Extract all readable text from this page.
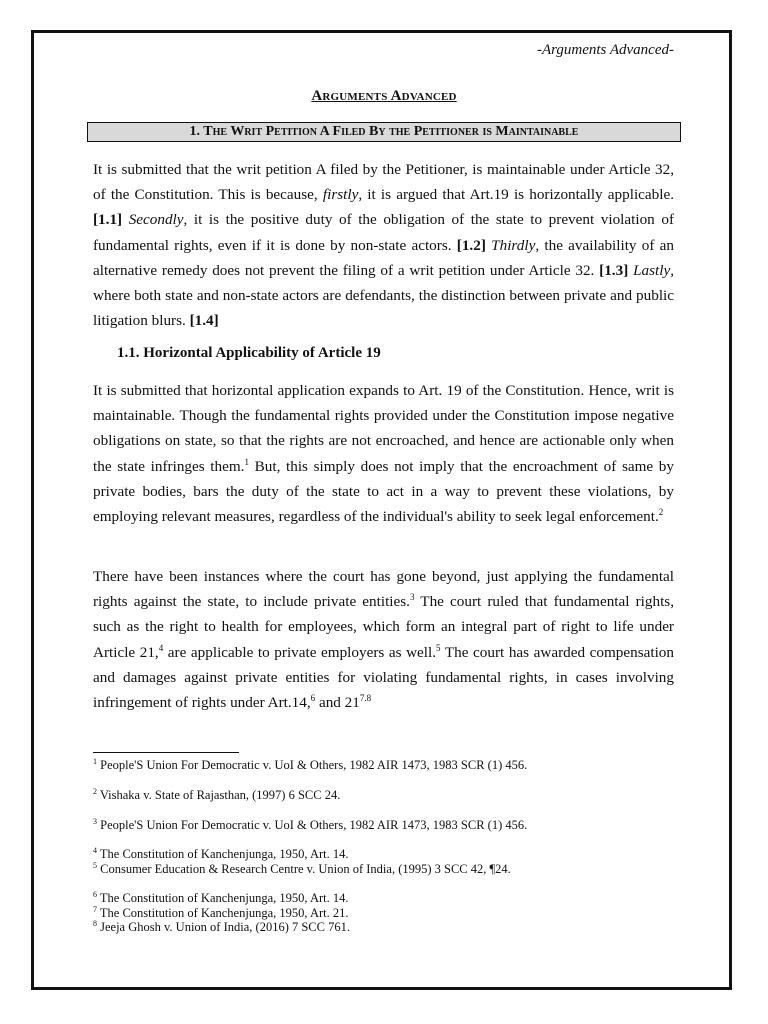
-Arguments Advanced-
Arguments Advanced
1. The Writ Petition A Filed By the Petitioner is Maintainable

It is submitted that the writ petition A filed by the Petitioner, is maintainable under Article 32, of the Constitution. This is because, firstly, it is argued that Art.19 is horizontally applicable. [1.1] Secondly, it is the positive duty of the obligation of the state to prevent violation of fundamental rights, even if it is done by non-state actors. [1.2] Thirdly, the availability of an alternative remedy does not prevent the filing of a writ petition under Article 32. [1.3] Lastly, where both state and non-state actors are defendants, the distinction between private and public litigation blurs. [1.4]

1.1. Horizontal Applicability of Article 19

It is submitted that horizontal application expands to Art. 19 of the Constitution. Hence, writ is maintainable. Though the fundamental rights provided under the Constitution impose negative obligations on state, so that the rights are not encroached, and hence are actionable only when the state infringes them.$^1$ But, this simply does not imply that the encroachment of same by private bodies, bars the duty of the state to act in a way to prevent these violations, by employing relevant measures, regardless of the individual's ability to seek legal enforcement.$^2$

There have been instances where the court has gone beyond, just applying the fundamental rights against the state, to include private entities.$^3$ The court ruled that fundamental rights, such as the right to health for employees, which form an integral part of right to life under Article 21,$^4$ are applicable to private employers as well.$^5$ The court has awarded compensation and damages against private entities for violating fundamental rights, in cases involving infringement of rights under Art.14,$^6$ and $21^{7.8}$

$^1$ People'S Union For Democratic v. UoI & Others, 1982 AIR 1473, 1983 SCR (1) 456.

$^2$ Vishaka v. State of Rajasthan, (1997) 6 SCC 24.

$^3$ People'S Union For Democratic v. UoI & Others, 1982 AIR 1473, 1983 SCR (1) 456.

$^4$ The Constitution of Kanchenjunga, 1950, Art. 14.

$^5$ Consumer Education & Research Centre v. Union of India, (1995) 3 SCC 42, ¶24.

$^6$ The Constitution of Kanchenjunga, 1950, Art. 14.

$^7$ The Constitution of Kanchenjunga, 1950, Art. 21.

$^8$ Jeeja Ghosh v. Union of India, (2016) 7 SCC 761.
